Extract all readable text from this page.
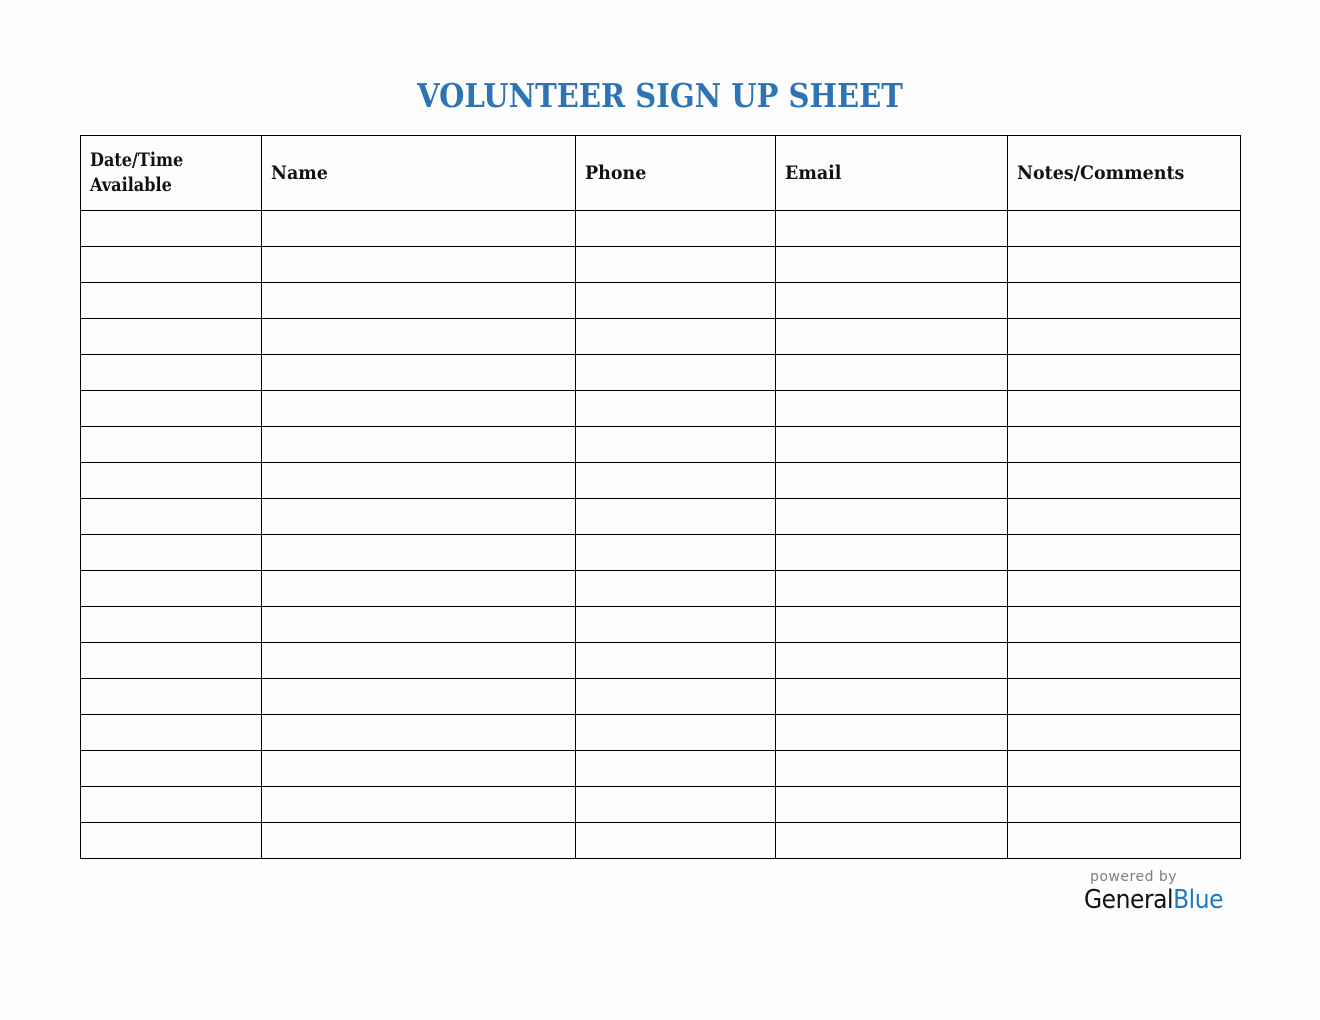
VOLUNTEER SIGN UP SHEET
Date/Time
Available	Name	Phone	Email	Notes/Comments

powered by
GeneralBlue
